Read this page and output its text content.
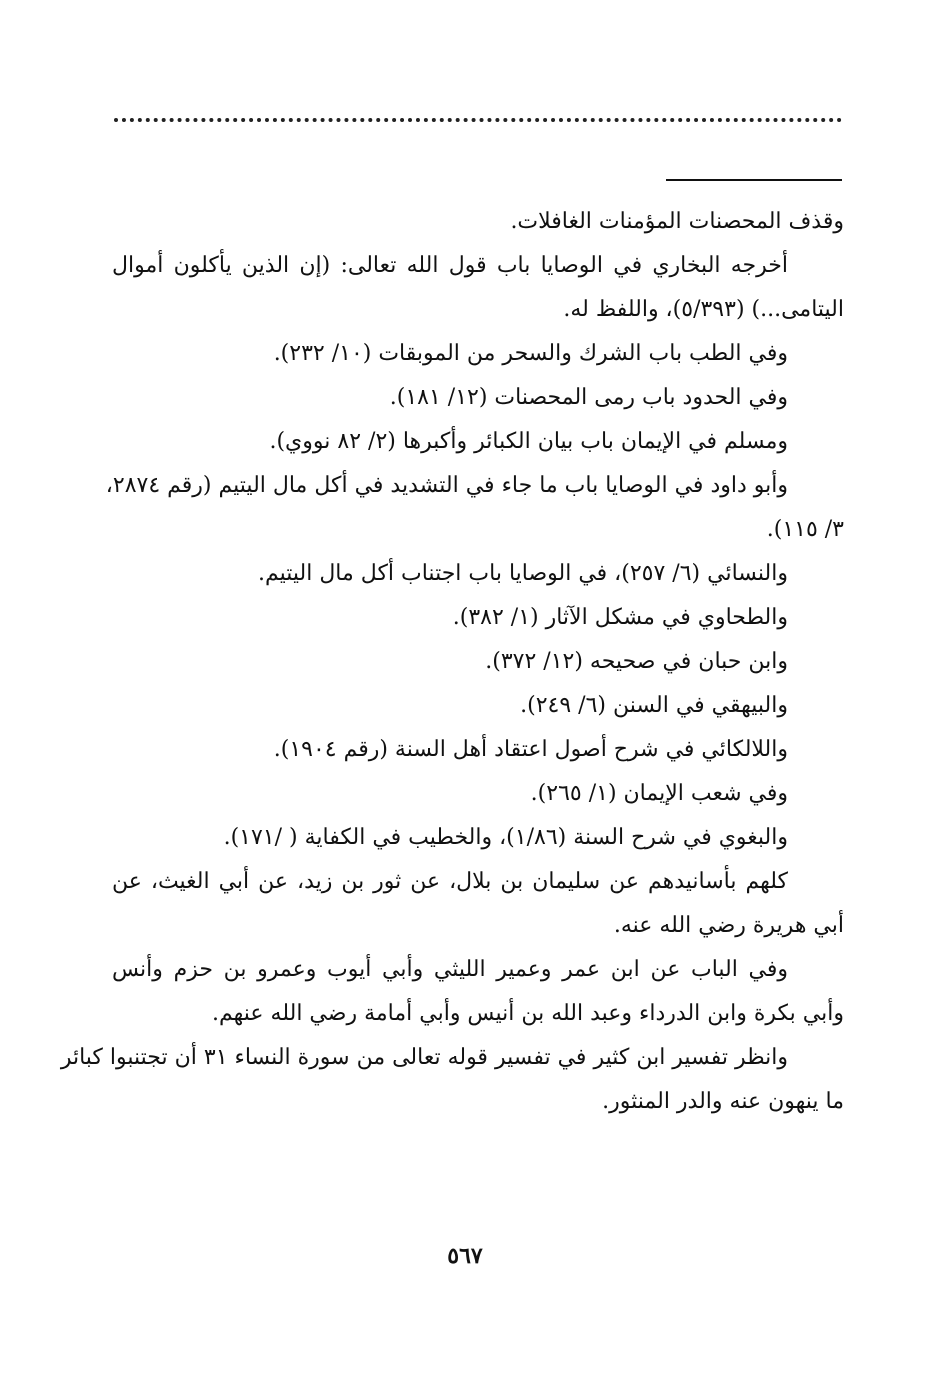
وقذف المحصنات المؤمنات الغافلات.

أخرجه البخاري في الوصايا باب قول الله تعالى: (إن الذين يأكلون أموال

اليتامى...) (٥/٣٩٣)، واللفظ له.

وفي الطب باب الشرك والسحر من الموبقات (١٠/ ٢٣٢).

وفي الحدود باب رمى المحصنات (١٢/ ١٨١).

ومسلم في الإيمان باب بيان الكبائر وأكبرها (٢/ ٨٢ نووي).

وأبو داود في الوصايا باب ما جاء في التشديد في أكل مال اليتيم (رقم ٢٨٧٤،

٣/ ١١٥).

والنسائي (٦/ ٢٥٧)، في الوصايا باب اجتناب أكل مال اليتيم.

والطحاوي في مشكل الآثار (١/ ٣٨٢).

وابن حبان في صحيحه (١٢/ ٣٧٢).

والبيهقي في السنن (٦/ ٢٤٩).

واللالكائي في شرح أصول اعتقاد أهل السنة (رقم ١٩٠٤).

وفي شعب الإيمان (١/ ٢٦٥).

والبغوي في شرح السنة (١/٨٦)، والخطيب في الكفاية ( /١٧١).

كلهم بأسانيدهم عن سليمان بن بلال، عن ثور بن زيد، عن أبي الغيث، عن

أبي هريرة رضي الله عنه.

وفي الباب عن ابن عمر وعمير الليثي وأبي أيوب وعمرو بن حزم وأنس

وأبي بكرة وابن الدرداء وعبد الله بن أنيس وأبي أمامة رضي الله عنهم.

وانظر تفسير ابن كثير في تفسير قوله تعالى من سورة النساء ٣١ أن تجتنبوا كبائر

ما ينهون عنه والدر المنثور.

٥٦٧
